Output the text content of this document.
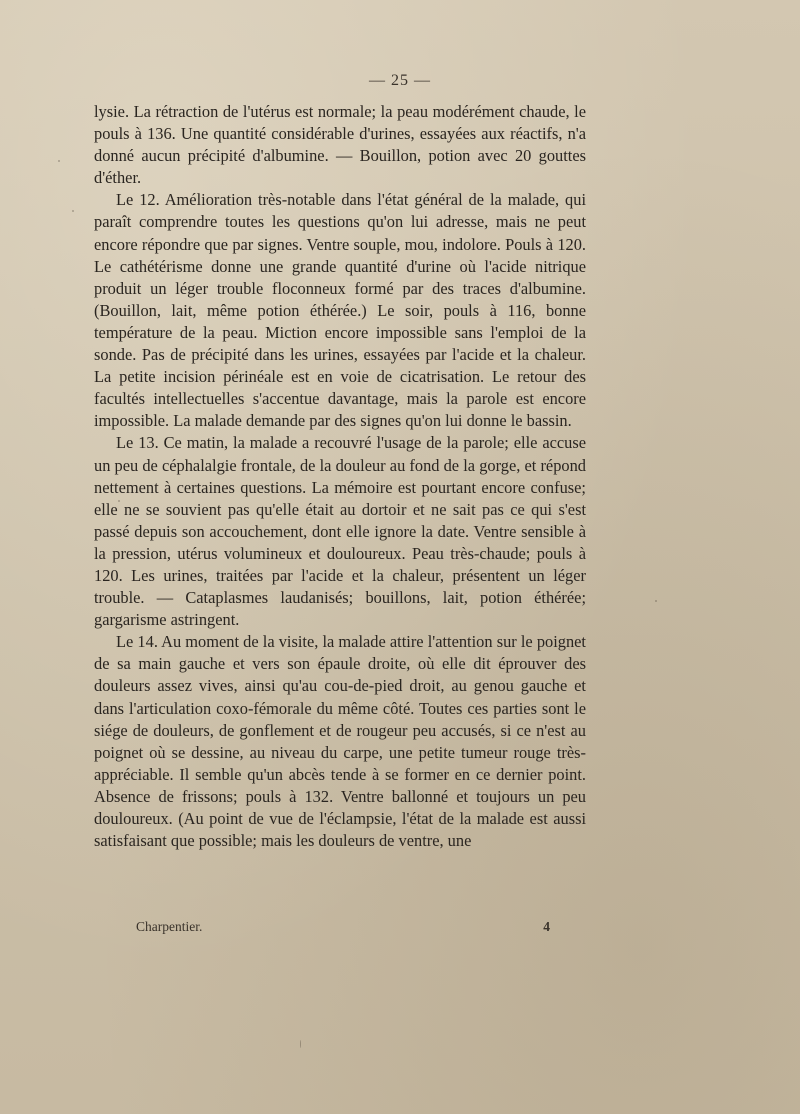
— 25 —

lysie. La rétraction de l'utérus est normale; la peau modérément chaude, le pouls à 136. Une quantité considérable d'urines, essayées aux réactifs, n'a donné aucun précipité d'albumine. — Bouillon, potion avec 20 gouttes d'éther.

Le 12. Amélioration très-notable dans l'état général de la malade, qui paraît comprendre toutes les questions qu'on lui adresse, mais ne peut encore répondre que par signes. Ventre souple, mou, indolore. Pouls à 120. Le cathétérisme donne une grande quantité d'urine où l'acide nitrique produit un léger trouble floconneux formé par des traces d'albumine. (Bouillon, lait, même potion éthérée.) Le soir, pouls à 116, bonne température de la peau. Miction encore impossible sans l'emploi de la sonde. Pas de précipité dans les urines, essayées par l'acide et la chaleur. La petite incision périnéale est en voie de cicatrisation. Le retour des facultés intellectuelles s'accentue davantage, mais la parole est encore impossible. La malade demande par des signes qu'on lui donne le bassin.

Le 13. Ce matin, la malade a recouvré l'usage de la parole; elle accuse un peu de céphalalgie frontale, de la douleur au fond de la gorge, et répond nettement à certaines questions. La mémoire est pourtant encore confuse; elle ne se souvient pas qu'elle était au dortoir et ne sait pas ce qui s'est passé depuis son accouchement, dont elle ignore la date. Ventre sensible à la pression, utérus volumineux et douloureux. Peau très-chaude; pouls à 120. Les urines, traitées par l'acide et la chaleur, présentent un léger trouble. — Cataplasmes laudanisés; bouillons, lait, potion éthérée; gargarisme astringent.

Le 14. Au moment de la visite, la malade attire l'attention sur le poignet de sa main gauche et vers son épaule droite, où elle dit éprouver des douleurs assez vives, ainsi qu'au cou-de-pied droit, au genou gauche et dans l'articulation coxo-fémorale du même côté. Toutes ces parties sont le siége de douleurs, de gonflement et de rougeur peu accusés, si ce n'est au poignet où se dessine, au niveau du carpe, une petite tumeur rouge très-appréciable. Il semble qu'un abcès tende à se former en ce dernier point. Absence de frissons; pouls à 132. Ventre ballonné et toujours un peu douloureux. (Au point de vue de l'éclampsie, l'état de la malade est aussi satisfaisant que possible; mais les douleurs de ventre, une

Charpentier.	4
